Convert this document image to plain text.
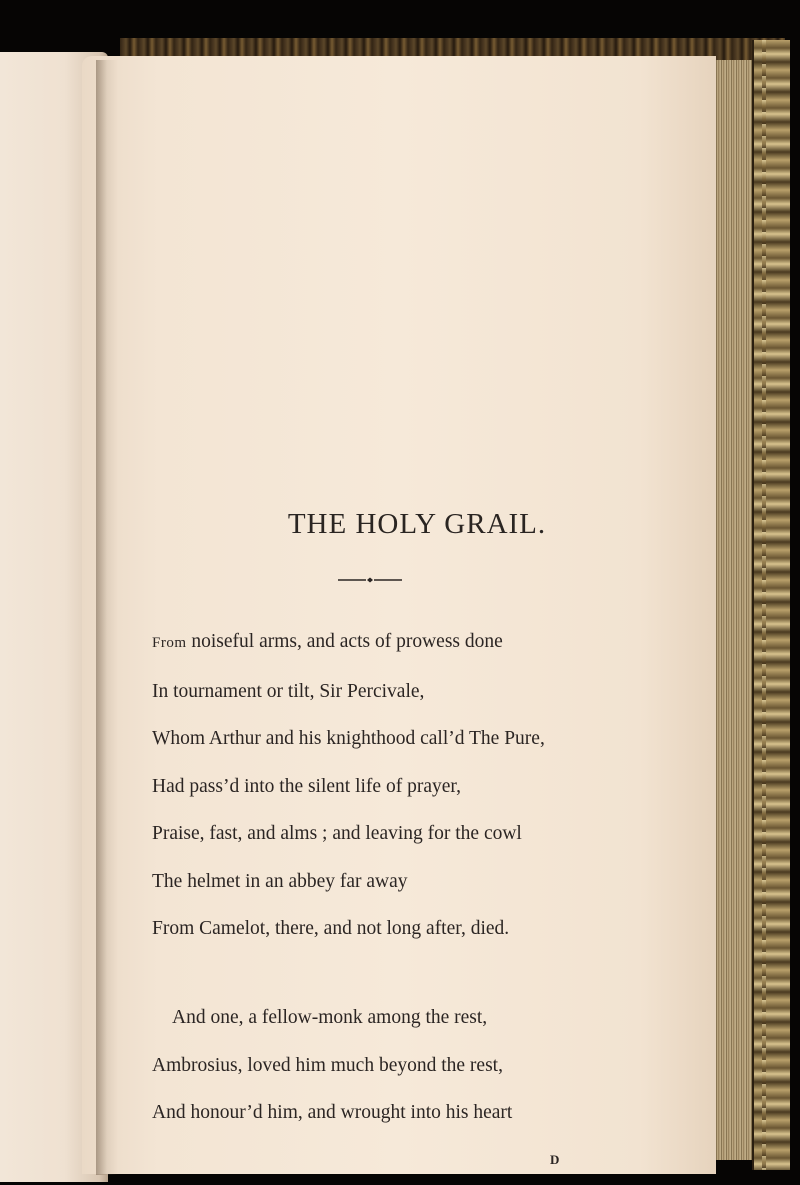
THE HOLY GRAIL.
From noiseful arms, and acts of prowess done
In tournament or tilt, Sir Percivale,
Whom Arthur and his knighthood call’d The Pure,
Had pass’d into the silent life of prayer,
Praise, fast, and alms ; and leaving for the cowl
The helmet in an abbey far away
From Camelot, there, and not long after, died.
And one, a fellow-monk among the rest,
Ambrosius, loved him much beyond the rest,
And honour’d him, and wrought into his heart
D
